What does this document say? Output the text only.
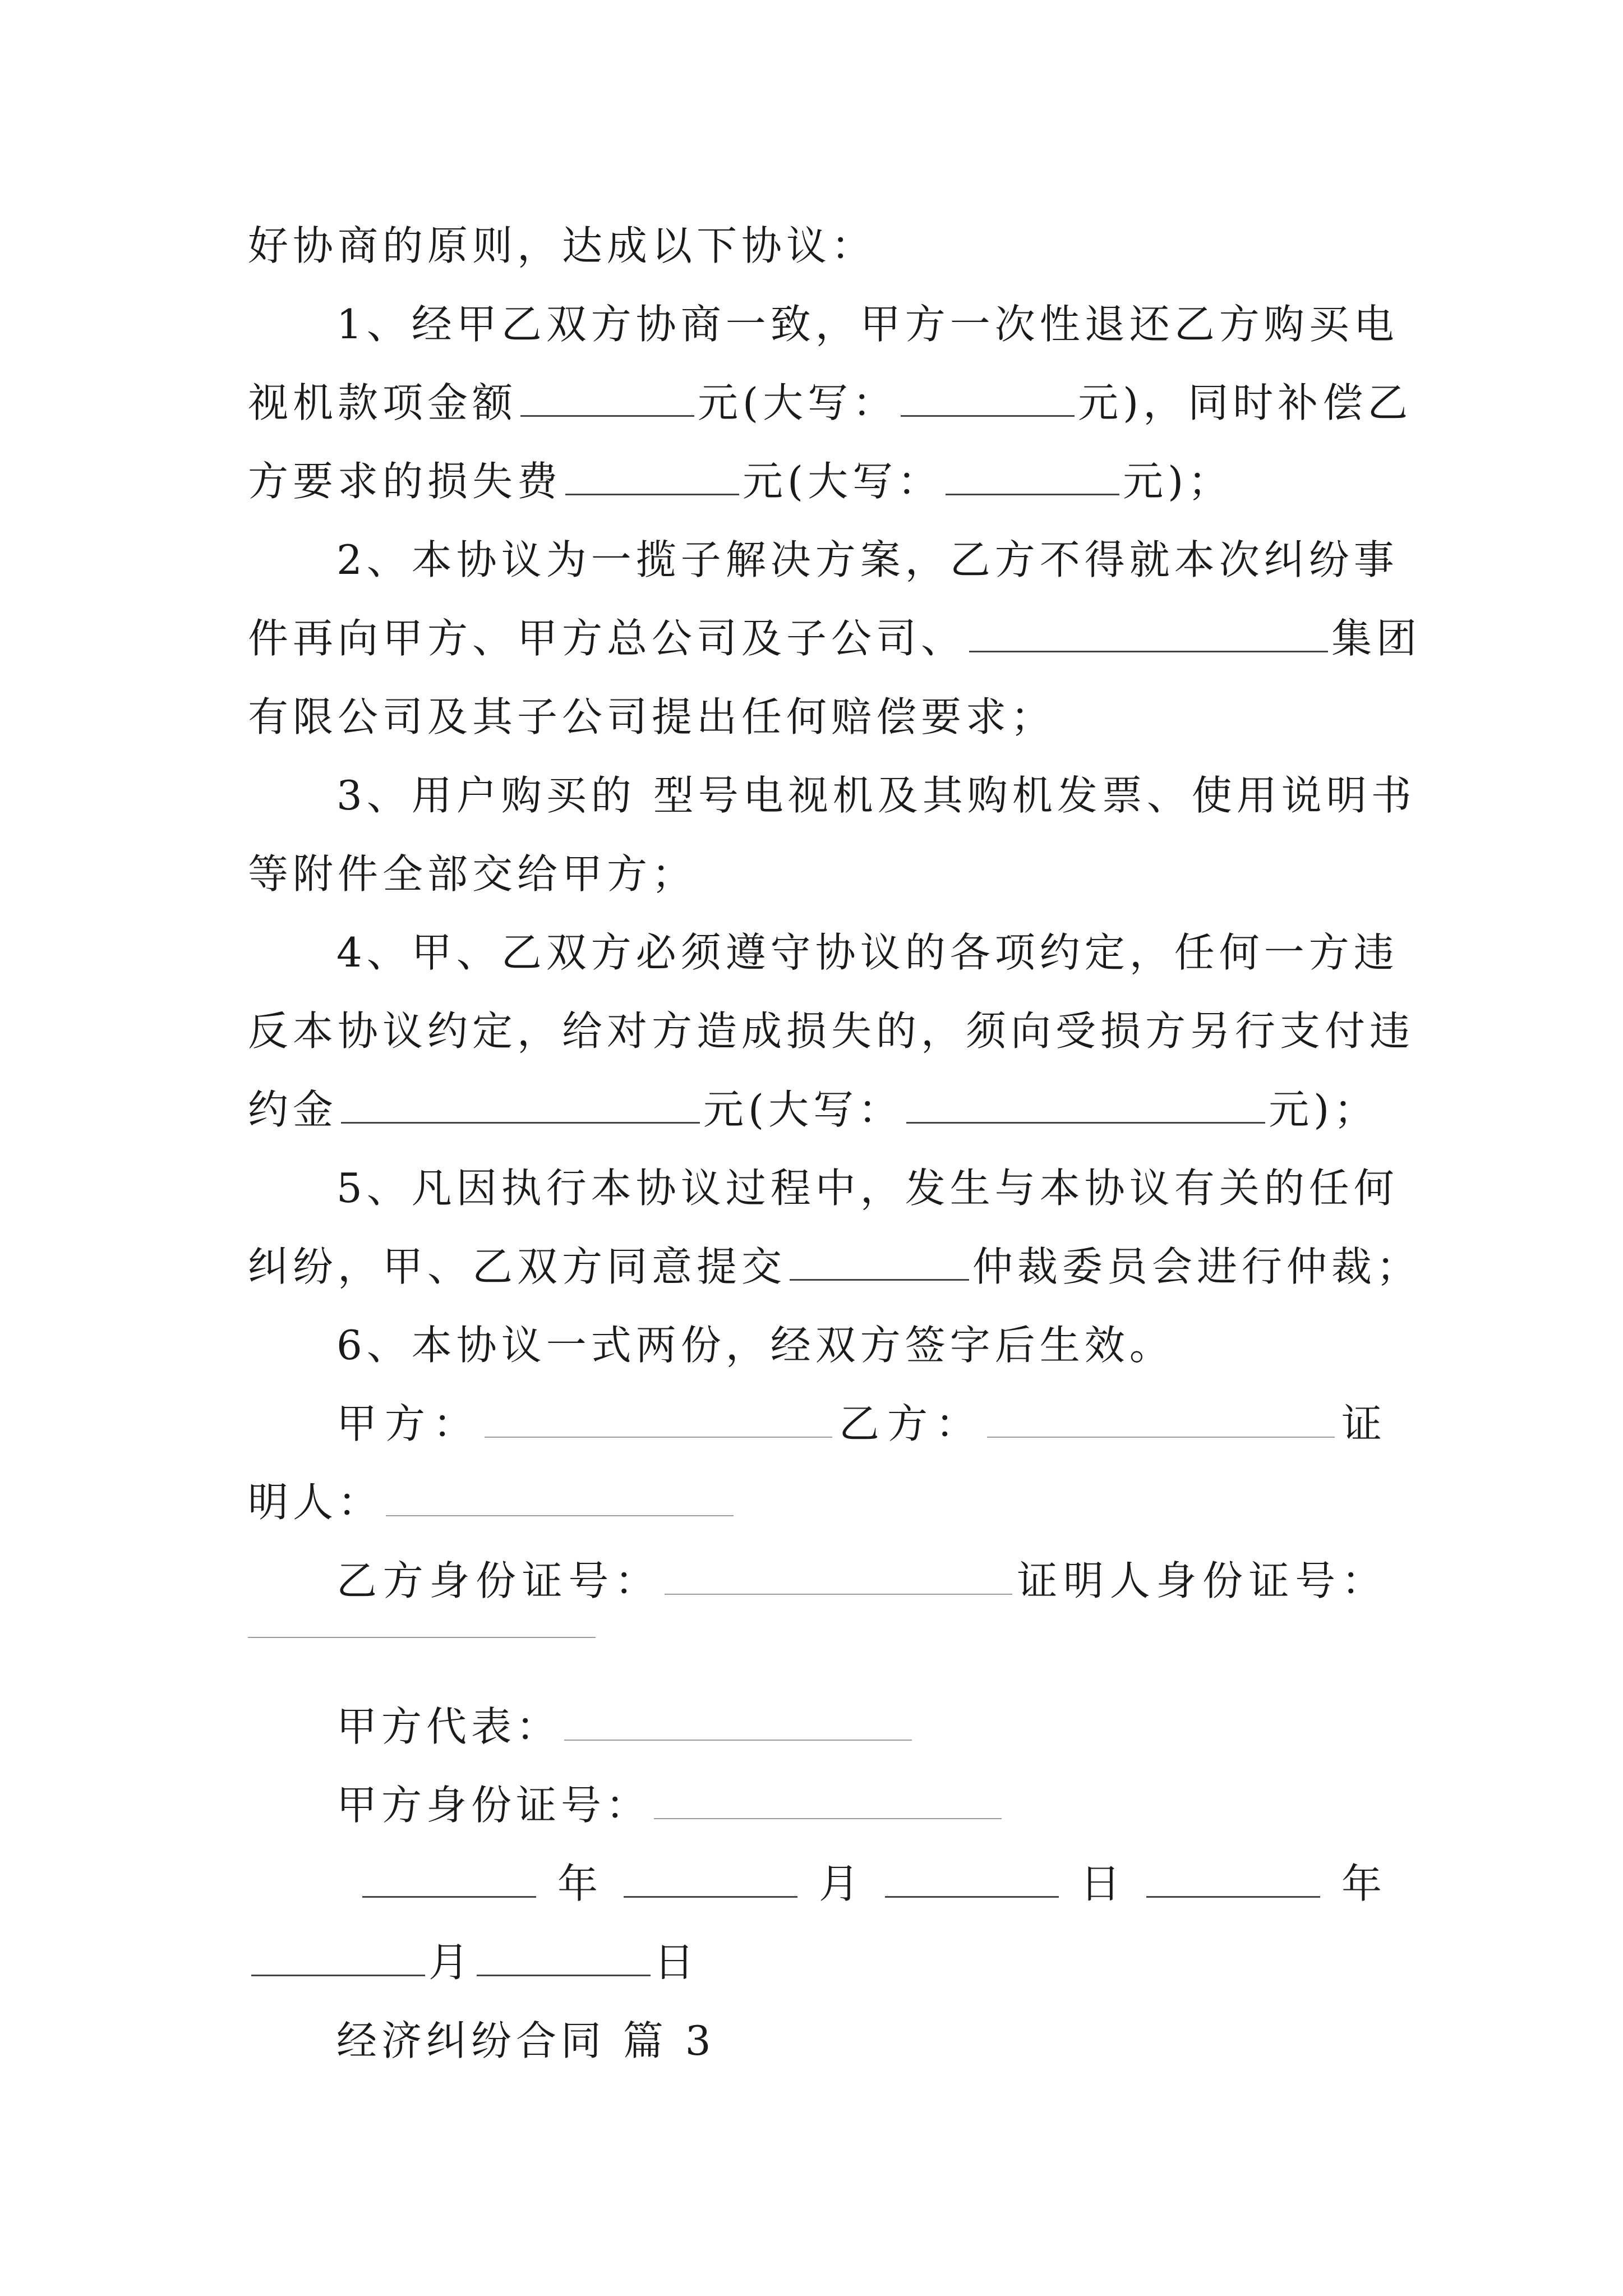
好协商的原则，达成以下协议：
1、经甲乙双方协商一致，甲方一次性退还乙方购买电
视机款项金额	元(大写：	元)，同时补偿乙
方要求的损失费	元(大写：	元)；
2、本协议为一揽子解决方案，乙方不得就本次纠纷事
件再向甲方、甲方总公司及子公司、	集团
有限公司及其子公司提出任何赔偿要求；
3、用户购买的 型号电视机及其购机发票、使用说明书
等附件全部交给甲方；
4、甲、乙双方必须遵守协议的各项约定，任何一方违
反本协议约定，给对方造成损失的，须向受损方另行支付违
约金	元(大写：	元)；
5、凡因执行本协议过程中，发生与本协议有关的任何
纠纷，甲、乙双方同意提交	仲裁委员会进行仲裁；
6、本协议一式两份，经双方签字后生效。
甲方：	乙方：	证
明人：
乙方身份证号：	证明人身份证号：
甲方代表：
甲方身份证号：
年	月	日	年
月	日
经济纠纷合同 篇 3
